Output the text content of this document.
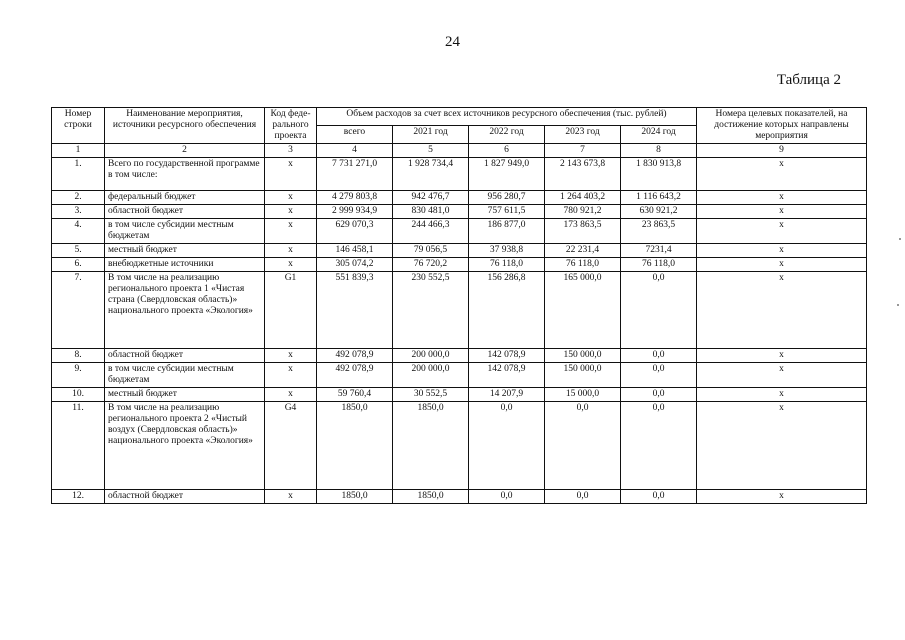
24
Таблица 2
Номер строки	Наименование мероприятия, источники ресурсного обеспечения	Код феде-рального проекта	Объем расходов за счет всех источников ресурсного обеспечения (тыс. рублей)					Номера целевых показателей, на достижение которых направлены мероприятия
			всего	2021 год	2022 год	2023 год	2024 год	
1	2	3	4	5	6	7	8	9
1.	Всего по государственной программе в том числе:	х	7 731 271,0	1 928 734,4	1 827 949,0	2 143 673,8	1 830 913,8	х
2.	федеральный бюджет	х	4 279 803,8	942 476,7	956 280,7	1 264 403,2	1 116 643,2	х
3.	областной бюджет	х	2 999 934,9	830 481,0	757 611,5	780 921,2	630 921,2	х
4.	в том числе субсидии местным бюджетам	х	629 070,3	244 466,3	186 877,0	173 863,5	23 863,5	х
5.	местный бюджет	х	146 458,1	79 056,5	37 938,8	22 231,4	7231,4	х
6.	внебюджетные источники	х	305 074,2	76 720,2	76 118,0	76 118,0	76 118,0	х
7.	В том числе на реализацию регионального проекта 1 «Чистая страна (Свердловская область)» национального проекта «Экология»	G1	551 839,3	230 552,5	156 286,8	165 000,0	0,0	х
8.	областной бюджет	х	492 078,9	200 000,0	142 078,9	150 000,0	0,0	х
9.	в том числе субсидии местным бюджетам	х	492 078,9	200 000,0	142 078,9	150 000,0	0,0	х
10.	местный бюджет	х	59 760,4	30 552,5	14 207,9	15 000,0	0,0	х
11.	В том числе на реализацию регионального проекта 2 «Чистый воздух (Свердловская область)» национального проекта «Экология»	G4	1850,0	1850,0	0,0	0,0	0,0	х
12.	областной бюджет	х	1850,0	1850,0	0,0	0,0	0,0	х
